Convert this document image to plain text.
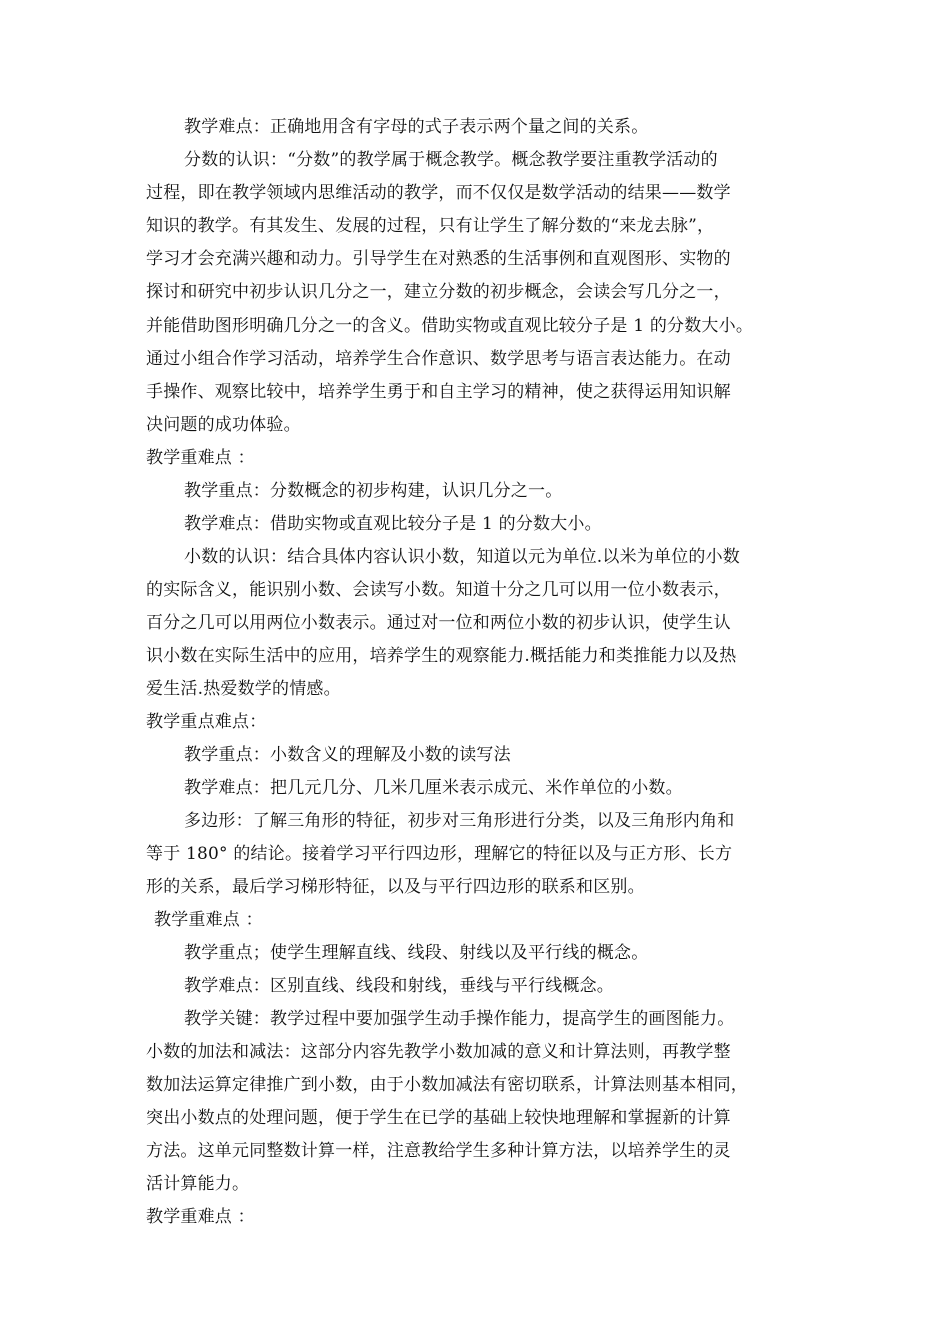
教学难点：正确地用含有字母的式子表示两个量之间的关系。
分数的认识：“分数”的教学属于概念教学。概念教学要注重教学活动的
过程，即在教学领域内思维活动的教学，而不仅仅是数学活动的结果——数学
知识的教学。有其发生、发展的过程，只有让学生了解分数的“来龙去脉”，
学习才会充满兴趣和动力。引导学生在对熟悉的生活事例和直观图形、实物的
探讨和研究中初步认识几分之一，建立分数的初步概念，会读会写几分之一，
并能借助图形明确几分之一的含义。借助实物或直观比较分子是 1 的分数大小。
通过小组合作学习活动，培养学生合作意识、数学思考与语言表达能力。在动
手操作、观察比较中，培养学生勇于和自主学习的精神，使之获得运用知识解
决问题的成功体验。
教学重难点 ：
教学重点：分数概念的初步构建，认识几分之一。
教学难点：借助实物或直观比较分子是 1 的分数大小。
小数的认识：结合具体内容认识小数，知道以元为单位.以米为单位的小数
的实际含义，能识别小数、会读写小数。知道十分之几可以用一位小数表示，
百分之几可以用两位小数表示。通过对一位和两位小数的初步认识，使学生认
识小数在实际生活中的应用，培养学生的观察能力.概括能力和类推能力以及热
爱生活.热爱数学的情感。
教学重点难点：
教学重点：小数含义的理解及小数的读写法
教学难点：把几元几分、几米几厘米表示成元、米作单位的小数。
多边形：了解三角形的特征，初步对三角形进行分类，以及三角形内角和
等于 180° 的结论。接着学习平行四边形，理解它的特征以及与正方形、长方
形的关系，最后学习梯形特征，以及与平行四边形的联系和区别。
教学重难点 ：
教学重点；使学生理解直线、线段、射线以及平行线的概念。
教学难点：区别直线、线段和射线，垂线与平行线概念。
教学关键：教学过程中要加强学生动手操作能力，提高学生的画图能力。
小数的加法和减法：这部分内容先教学小数加减的意义和计算法则，再教学整
数加法运算定律推广到小数，由于小数加减法有密切联系，计算法则基本相同，
突出小数点的处理问题，便于学生在已学的基础上较快地理解和掌握新的计算
方法。这单元同整数计算一样，注意教给学生多种计算方法，以培养学生的灵
活计算能力。
教学重难点 ：
